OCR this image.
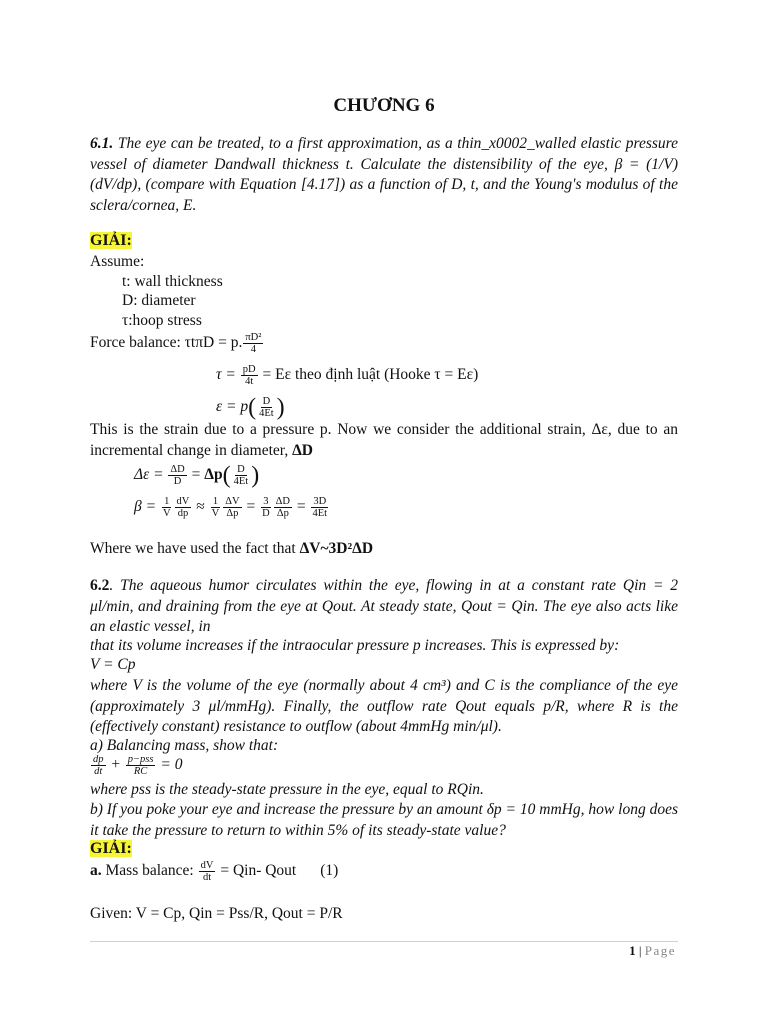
CHƯƠNG 6
6.1. The eye can be treated, to a first approximation, as a thin_x0002_walled elastic pressure vessel of diameter Dandwall thickness t. Calculate the distensibility of the eye, β = (1/V)(dV/dp), (compare with Equation [4.17]) as a function of D, t, and the Young's modulus of the sclera/cornea, E.
GIẢI:
Assume:
t: wall thickness
D: diameter
τ:hoop stress
Force balance: τtπD = p. $\frac{\text{πD²}}{4}$
$\tau = \frac{pD}{4t} = E\varepsilon$ theo định luật (Hooke τ = Eε)
$\varepsilon = p( \frac{D}{4Et}$ )
This is the strain due to a pressure p. Now we consider the additional strain, Δε, due to an incremental change in diameter, ΔD
$\Delta\varepsilon = \frac{\Delta D}{D} = \Delta p( \frac{D}{4Et}$ )
$\beta = \frac{1}{V} \frac{dV}{dp} \approx \frac{1}{V} \frac{\Delta V}{\Delta p} = \frac{3}{D} \frac{\Delta D}{\Delta p} = \frac{3D}{4Et}$
Where we have used the fact that ΔV~3D²ΔD
6.2. The aqueous humor circulates within the eye, flowing in at a constant rate Qin = 2 μl/min, and draining from the eye at Qout. At steady state, Qout = Qin. The eye also acts like an elastic vessel, in
that its volume increases if the intraocular pressure p increases. This is expressed by:
V = Cp
where V is the volume of the eye (normally about 4 cm³) and C is the compliance of the eye (approximately 3 μl/mmHg). Finally, the outflow rate Qout equals p/R, where R is the (effectively constant) resistance to outflow (about 4mmHg min/μl).
a) Balancing mass, show that:
$\frac{dp}{dt} + \frac{\text{p−pss}}{RC} = 0$
where pss is the steady-state pressure in the eye, equal to RQin.
b) If you poke your eye and increase the pressure by an amount δp = 10 mmHg, how long does it take the pressure to return to within 5% of its steady-state value?
GIẢI:
a. Mass balance: $\frac{dV}{dt} = Qin-$ Qout (1)
Given: V = Cp, Qin = Pss/R, Qout = P/R
1 | Page
